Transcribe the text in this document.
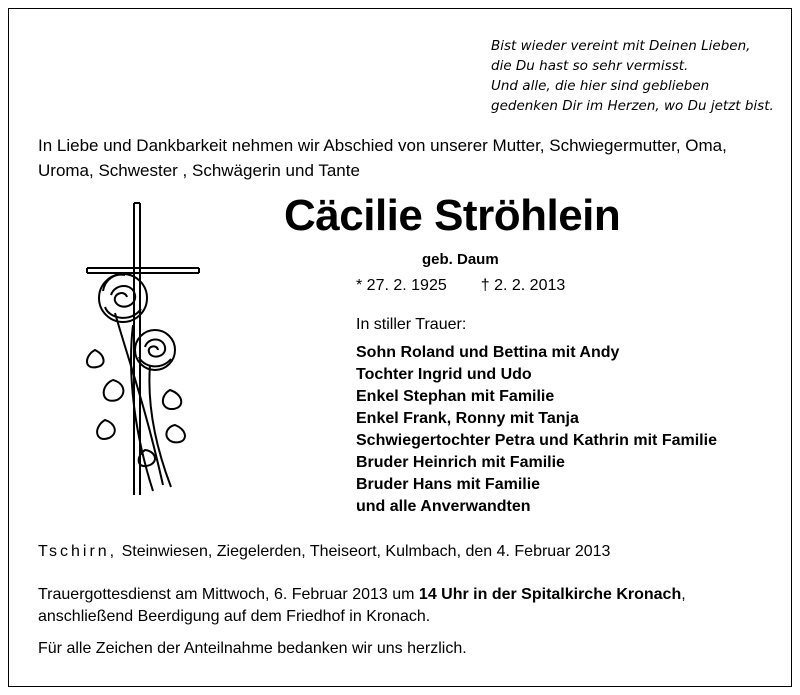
Bist wieder vereint mit Deinen Lieben,
die Du hast so sehr vermisst.
Und alle, die hier sind geblieben
gedenken Dir im Herzen, wo Du jetzt bist.
In Liebe und Dankbarkeit nehmen wir Abschied von unserer Mutter, Schwiegermutter, Oma,
Uroma, Schwester , Schwägerin und Tante
Cäcilie Ströhlein
geb. Daum
* 27. 2. 1925 † 2. 2. 2013
In stiller Trauer:
Sohn Roland und Bettina mit Andy
Tochter Ingrid und Udo
Enkel Stephan mit Familie
Enkel Frank, Ronny mit Tanja
Schwiegertochter Petra und Kathrin mit Familie
Bruder Heinrich mit Familie
Bruder Hans mit Familie
und alle Anverwandten
Tschirn, Steinwiesen, Ziegelerden, Theiseort, Kulmbach, den 4. Februar 2013
Trauergottesdienst am Mittwoch, 6. Februar 2013 um 14 Uhr in der Spitalkirche Kronach,
anschließend Beerdigung auf dem Friedhof in Kronach.
Für alle Zeichen der Anteilnahme bedanken wir uns herzlich.
